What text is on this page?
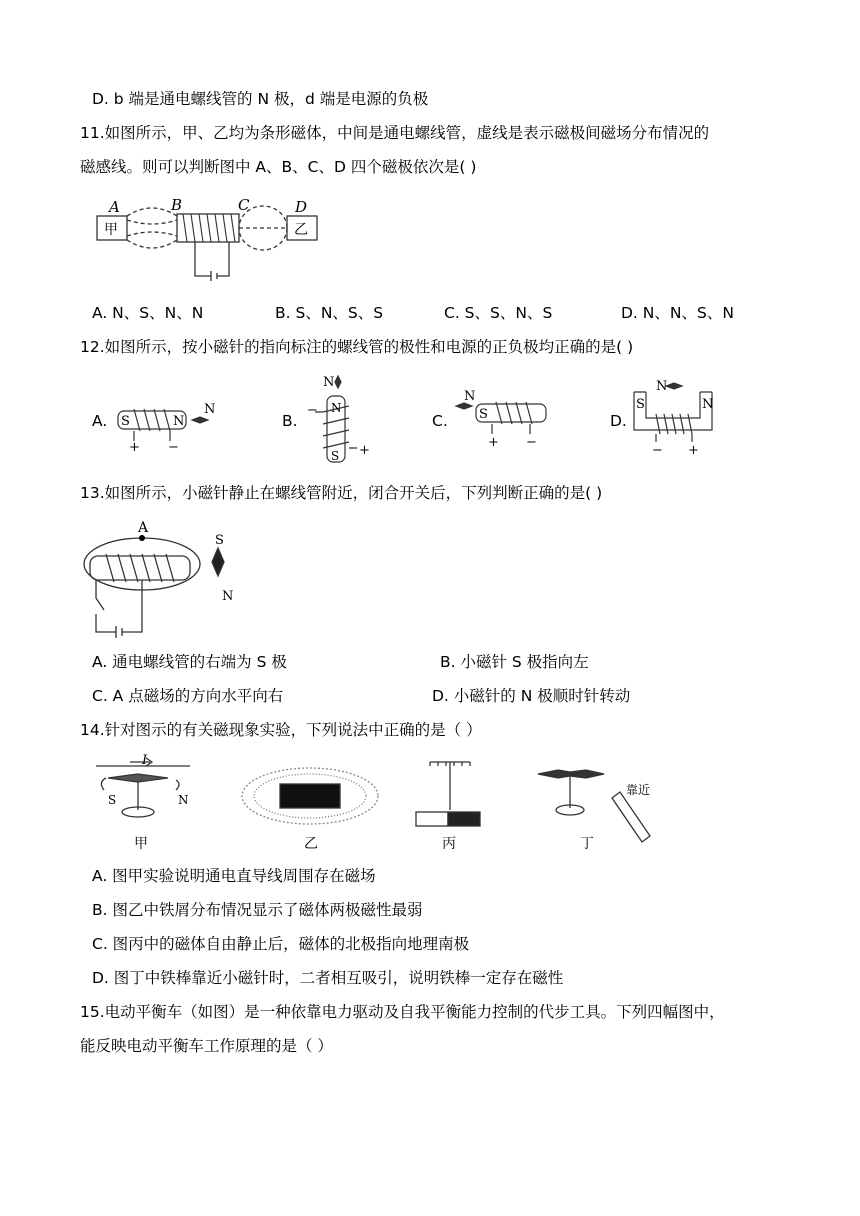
D. b 端是通电螺线管的 N 极，d 端是电源的负极
11.如图所示，甲、乙均为条形磁体，中间是通电螺线管，虚线是表示磁极间磁场分布情况的
磁感线。则可以判断图中 A、B、C、D 四个磁极依次是( )
A	B	C	D
甲	乙
A. N、S、N、N	B. S、N、S、S	C. S、S、N、S	D. N、N、S、N
12.如图所示，按小磁针的指向标注的螺线管的极性和电源的正负极均正确的是( )
A. S	N
N
+ −
B.
N
N
S
−
+
C.
N
S
+ −
D.
N
S	N
− +
13.如图所示，小磁针静止在螺线管附近，闭合开关后，下列判断正确的是( )
A
S
N
A. 通电螺线管的右端为 S 极	B. 小磁针 S 极指向左
C. A 点磁场的方向水平向右	D. 小磁针的 N 极顺时针转动
14.针对图示的有关磁现象实验，下列说法中正确的是（ ）
I
S	N
靠近
甲	乙	丙	丁
A. 图甲实验说明通电直导线周围存在磁场
B. 图乙中铁屑分布情况显示了磁体两极磁性最弱
C. 图丙中的磁体自由静止后，磁体的北极指向地理南极
D. 图丁中铁棒靠近小磁针时，二者相互吸引，说明铁棒一定存在磁性
15.电动平衡车（如图）是一种依靠电力驱动及自我平衡能力控制的代步工具。下列四幅图中，
能反映电动平衡车工作原理的是（ ）
